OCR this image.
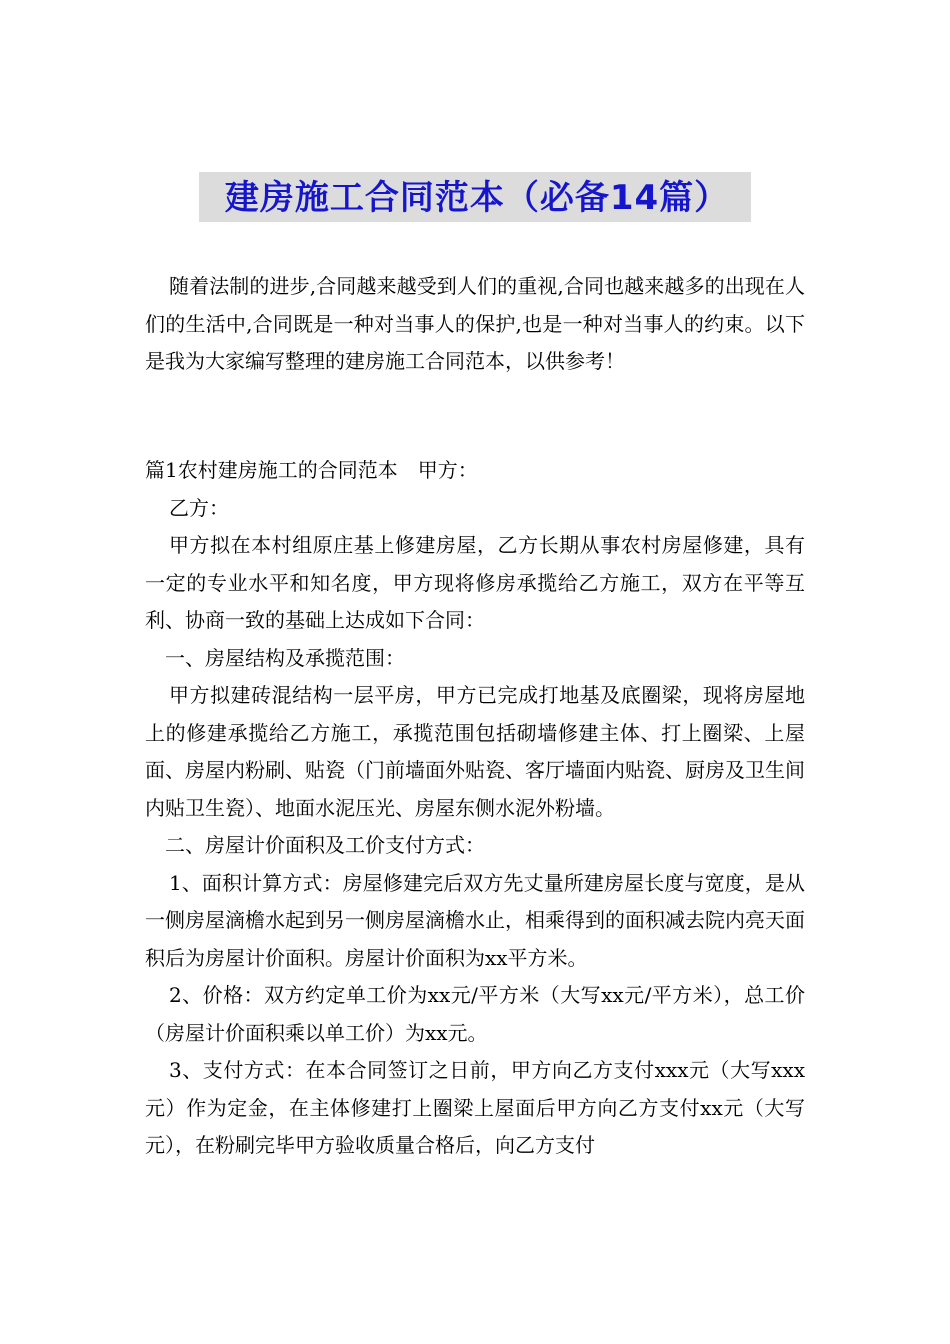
建房施工合同范本（必备14篇）

随着法制的进步,合同越来越受到人们的重视,合同也越来越多的出现在人们的生活中,合同既是一种对当事人的保护,也是一种对当事人的约束。以下是我为大家编写整理的建房施工合同范本，以供参考！

篇1农村建房施工的合同范本　甲方：

乙方：

甲方拟在本村组原庄基上修建房屋，乙方长期从事农村房屋修建，具有一定的专业水平和知名度，甲方现将修房承揽给乙方施工，双方在平等互利、协商一致的基础上达成如下合同：

一、房屋结构及承揽范围：

甲方拟建砖混结构一层平房，甲方已完成打地基及底圈梁，现将房屋地上的修建承揽给乙方施工，承揽范围包括砌墙修建主体、打上圈梁、上屋面、房屋内粉刷、贴瓷（门前墙面外贴瓷、客厅墙面内贴瓷、厨房及卫生间内贴卫生瓷）、地面水泥压光、房屋东侧水泥外粉墙。

二、房屋计价面积及工价支付方式：

1、面积计算方式：房屋修建完后双方先丈量所建房屋长度与宽度，是从一侧房屋滴檐水起到另一侧房屋滴檐水止，相乘得到的面积减去院内亮天面积后为房屋计价面积。房屋计价面积为xx平方米。

2、价格：双方约定单工价为xx元/平方米（大写xx元/平方米），总工价（房屋计价面积乘以单工价）为xx元。

3、支付方式：在本合同签订之日前，甲方向乙方支付xxx元（大写xxx元）作为定金，在主体修建打上圈梁上屋面后甲方向乙方支付xx元（大写元），在粉刷完毕甲方验收质量合格后，向乙方支付
